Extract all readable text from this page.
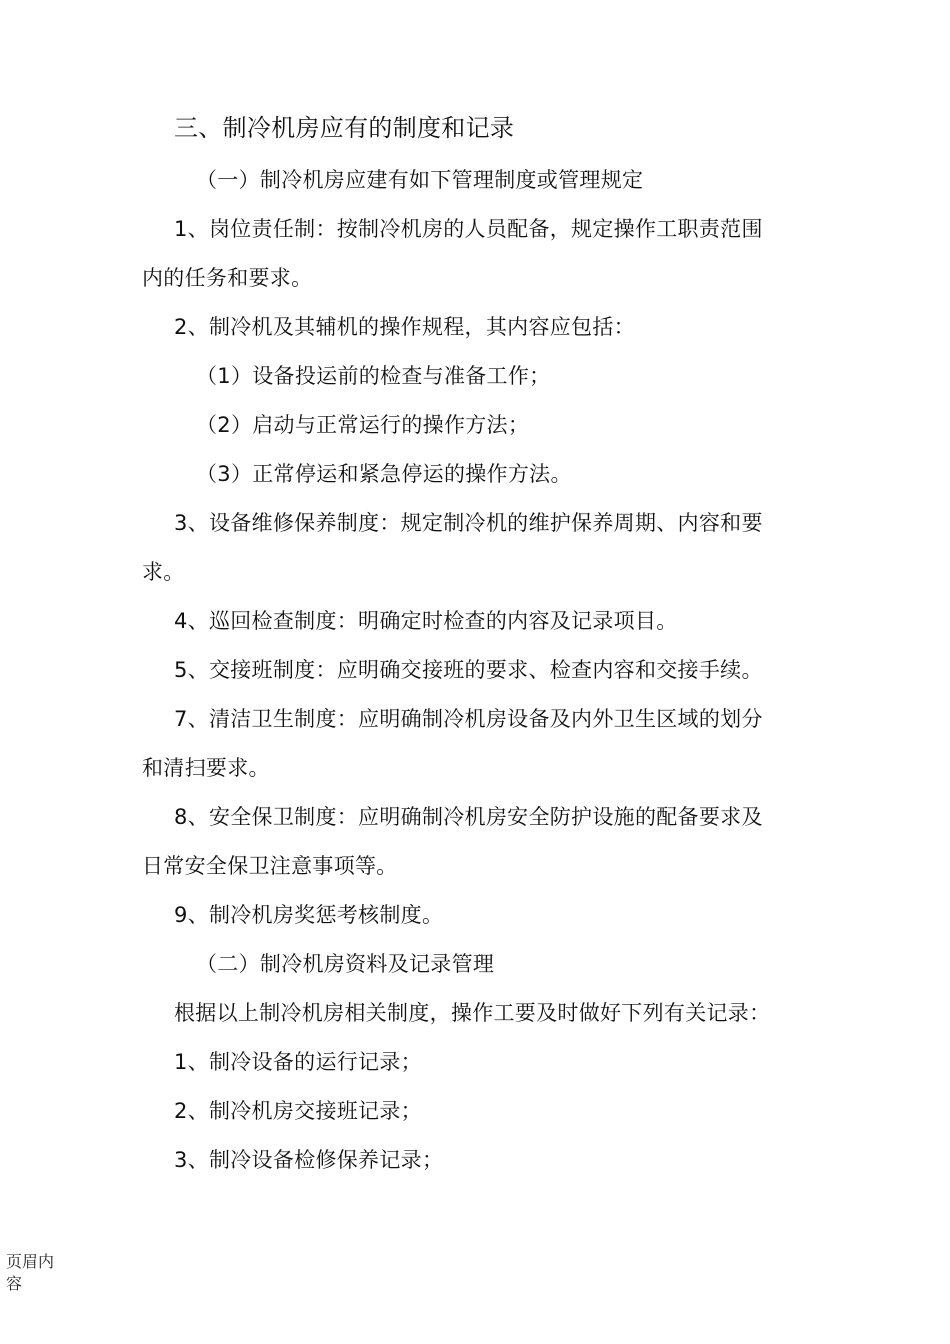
三、制冷机房应有的制度和记录
（一）制冷机房应建有如下管理制度或管理规定
1、岗位责任制：按制冷机房的人员配备，规定操作工职责范围
内的任务和要求。
2、制冷机及其辅机的操作规程，其内容应包括：
（1）设备投运前的检查与准备工作；
（2）启动与正常运行的操作方法；
（3）正常停运和紧急停运的操作方法。
3、设备维修保养制度：规定制冷机的维护保养周期、内容和要
求。
4、巡回检查制度：明确定时检查的内容及记录项目。
5、交接班制度：应明确交接班的要求、检查内容和交接手续。
7、清洁卫生制度：应明确制冷机房设备及内外卫生区域的划分
和清扫要求。
8、安全保卫制度：应明确制冷机房安全防护设施的配备要求及
日常安全保卫注意事项等。
9、制冷机房奖惩考核制度。
（二）制冷机房资料及记录管理
根据以上制冷机房相关制度，操作工要及时做好下列有关记录：
1、制冷设备的运行记录；
2、制冷机房交接班记录；
3、制冷设备检修保养记录；
页眉内容
